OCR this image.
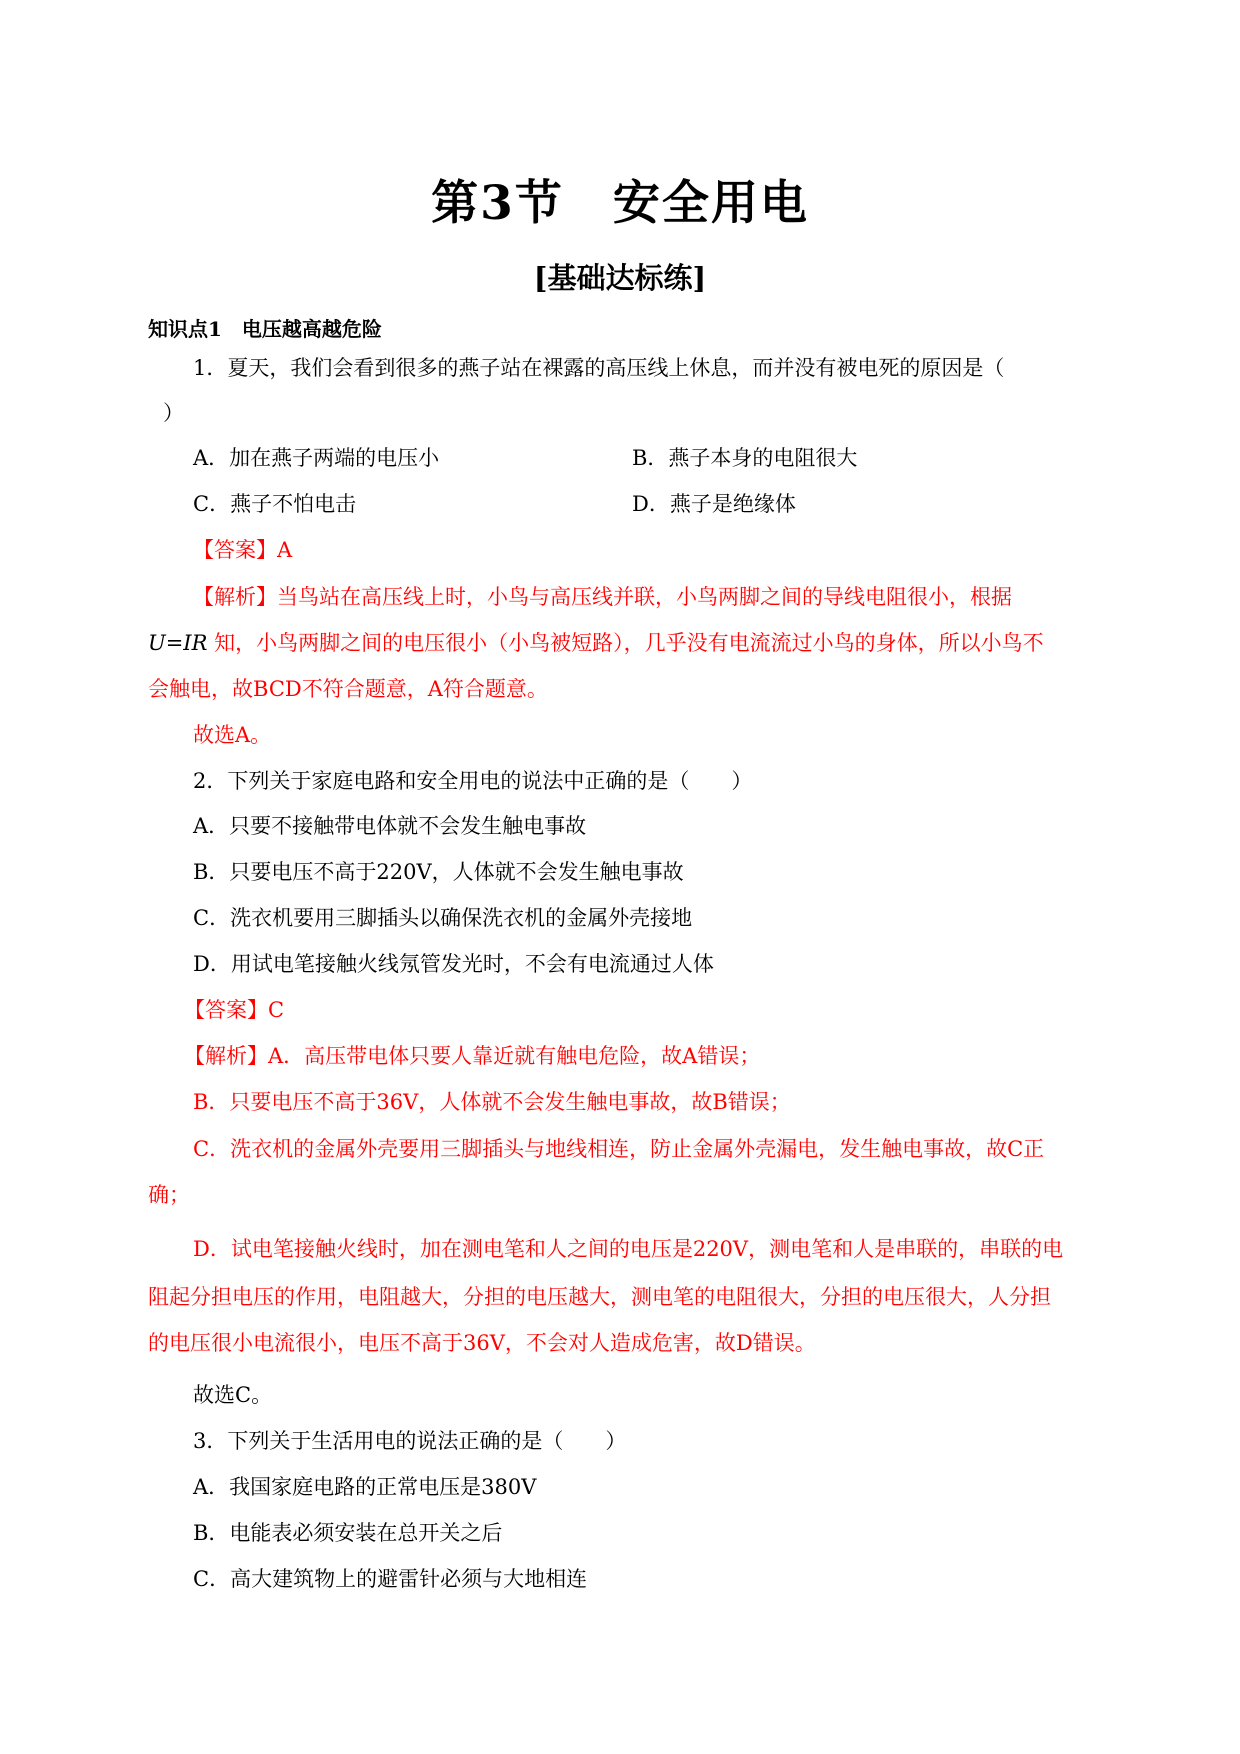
第3节　安全用电
[基础达标练]
知识点1　电压越高越危险
1．夏天，我们会看到很多的燕子站在裸露的高压线上休息，而并没有被电死的原因是（
）
A．加在燕子两端的电压小	B．燕子本身的电阻很大
C．燕子不怕电击	D．燕子是绝缘体
【答案】A
【解析】当鸟站在高压线上时，小鸟与高压线并联，小鸟两脚之间的导线电阻很小，根据
U=IR 知，小鸟两脚之间的电压很小（小鸟被短路），几乎没有电流流过小鸟的身体，所以小鸟不
会触电，故BCD不符合题意，A符合题意。
故选A。
2．下列关于家庭电路和安全用电的说法中正确的是（　　）
A．只要不接触带电体就不会发生触电事故
B．只要电压不高于220V，人体就不会发生触电事故
C．洗衣机要用三脚插头以确保洗衣机的金属外壳接地
D．用试电笔接触火线氖管发光时，不会有电流通过人体
【答案】C
【解析】A．高压带电体只要人靠近就有触电危险，故A错误；
B．只要电压不高于36V，人体就不会发生触电事故，故B错误；
C．洗衣机的金属外壳要用三脚插头与地线相连，防止金属外壳漏电，发生触电事故，故C正
确；
D．试电笔接触火线时，加在测电笔和人之间的电压是220V，测电笔和人是串联的，串联的电
阻起分担电压的作用，电阻越大，分担的电压越大，测电笔的电阻很大，分担的电压很大，人分担
的电压很小电流很小，电压不高于36V，不会对人造成危害，故D错误。
故选C。
3．下列关于生活用电的说法正确的是（　　）
A．我国家庭电路的正常电压是380V
B．电能表必须安装在总开关之后
C．高大建筑物上的避雷针必须与大地相连
